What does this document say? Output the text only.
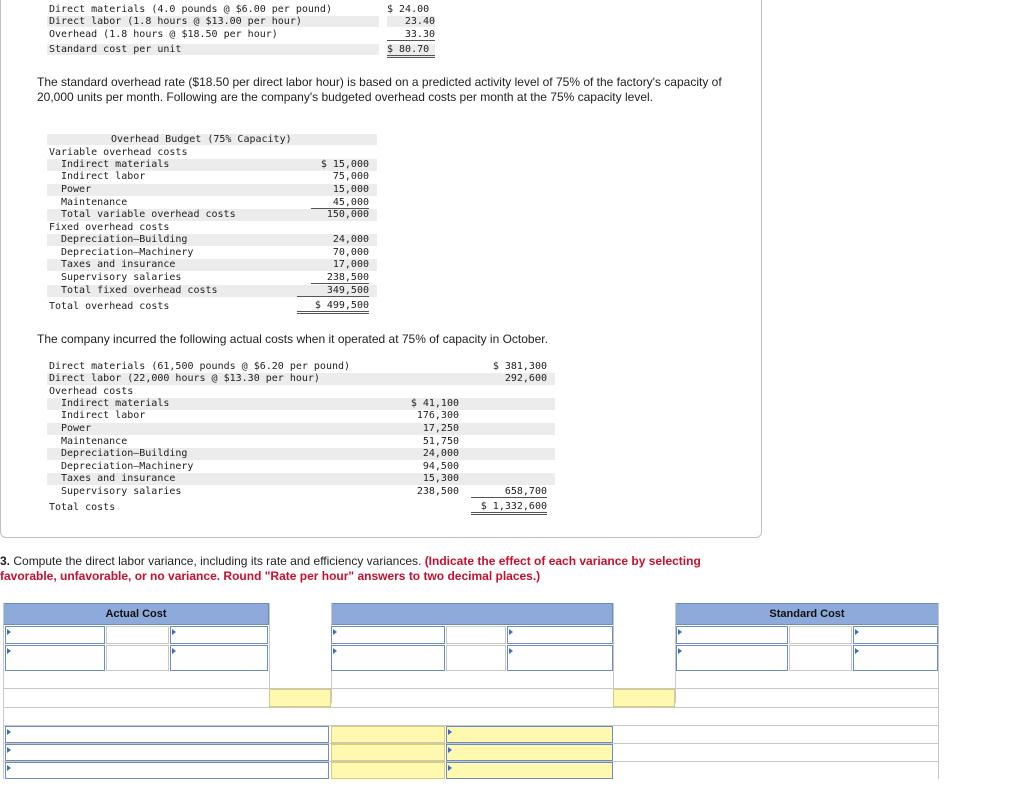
Direct materials (4.0 pounds @ $6.00 per pound)	$ 24.00
Direct labor (1.8 hours @ $13.00 per hour)	23.40
Overhead (1.8 hours @ $18.50 per hour)	33.30
Standard cost per unit	$ 80.70
The standard overhead rate ($18.50 per direct labor hour) is based on a predicted activity level of 75% of the factory's capacity of 20,000 units per month. Following are the company's budgeted overhead costs per month at the 75% capacity level.
Overhead Budget (75% Capacity)
Variable overhead costs
Indirect materials	$ 15,000
Indirect labor	75,000
Power	15,000
Maintenance	45,000
Total variable overhead costs	150,000
Fixed overhead costs
Depreciation—Building	24,000
Depreciation—Machinery	70,000
Taxes and insurance	17,000
Supervisory salaries	238,500
Total fixed overhead costs	349,500
Total overhead costs	$ 499,500
The company incurred the following actual costs when it operated at 75% of capacity in October.
Direct materials (61,500 pounds @ $6.20 per pound)	$ 381,300
Direct labor (22,000 hours @ $13.30 per hour)	292,600
Overhead costs
Indirect materials	$ 41,100
Indirect labor	176,300
Power	17,250
Maintenance	51,750
Depreciation—Building	24,000
Depreciation—Machinery	94,500
Taxes and insurance	15,300
Supervisory salaries	238,500	658,700
Total costs	$ 1,332,600
3. Compute the direct labor variance, including its rate and efficiency variances. (Indicate the effect of each variance by selecting favorable, unfavorable, or no variance. Round "Rate per hour" answers to two decimal places.)
Actual Cost	Standard Cost
